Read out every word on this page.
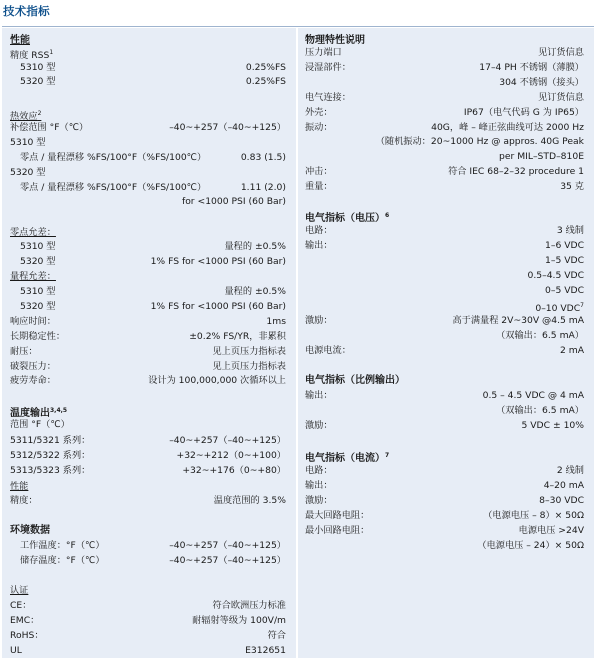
技术指标
性能
精度 RSS$^1$
5310 型	0.25%FS
5320 型	0.25%FS
热效应$^2$
补偿范围 °F（℃）	–40~+257（–40~+125）
5310 型
零点 / 量程漂移 %FS/100°F（%FS/100℃）	0.83 (1.5)
5320 型
零点 / 量程漂移 %FS/100°F（%FS/100℃）	1.11 (2.0)
for <1000 PSI (60 Bar)
零点允差：
5310 型	量程的 ±0.5%
5320 型	1% FS for <1000 PSI (60 Bar)
量程允差：
5310 型	量程的 ±0.5%
5320 型	1% FS for <1000 PSI (60 Bar)
响应时间：	1ms
长期稳定性：	±0.2% FS/YR，非累积
耐压：	见上页压力指标表
破裂压力：	见上页压力指标表
疲劳寿命：	设计为 100,000,000 次循环以上
温度输出$^{3,4,5}$
范围 °F（℃）
5311/5321 系列：	–40~+257（–40~+125）
5312/5322 系列：	+32~+212（0~+100）
5313/5323 系列：	+32~+176（0~+80）
性能
精度：	温度范围的 3.5%
环境数据
工作温度：°F（℃）	–40~+257（–40~+125）
储存温度：°F（℃）	–40~+257（–40~+125）
认证
CE：	符合欧洲压力标准
EMC：	耐辐射等级为 100V/m
RoHS：	符合
UL	E312651
物理特性说明
压力端口	见订货信息
浸湿部件：	17–4 PH 不锈钢（薄膜）
304 不锈钢（接头）
电气连接：	见订货信息
外壳：	IP67（电气代码 G 为 IP65）
振动：	40G，峰 – 峰正弦曲线可达 2000 Hz
（随机振动：20~1000 Hz @ appros. 40G Peak
per MIL–STD–810E
冲击：	符合 IEC 68–2–32 procedure 1
重量：	35 克
电气指标（电压）$^6$
电路：	3 线制
输出：	1–6 VDC
1–5 VDC
0.5–4.5 VDC
0–5 VDC
0–10 VDC$^7$
激励：	高于满量程 2V~30V @4.5 mA
（双输出：6.5 mA）
电源电流：	2 mA
电气指标（比例输出）
输出：	0.5 – 4.5 VDC @ 4 mA
（双输出：6.5 mA）
激励：	5 VDC ± 10%
电气指标（电流）$^7$
电路：	2 线制
输出：	4–20 mA
激励：	8–30 VDC
最大回路电阻：	（电源电压 – 8）× 50Ω
最小回路电阻：	电源电压 >24V
（电源电压 – 24）× 50Ω
